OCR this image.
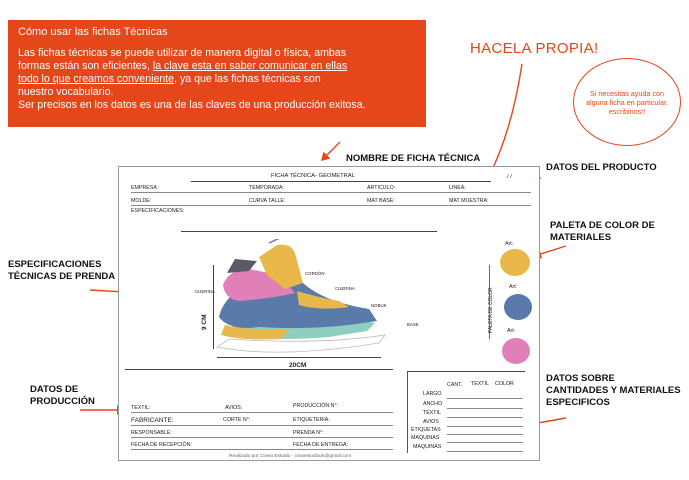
Cómo usar las fichas Técnicas

Las fichas técnicas se puede utilizar de manera digital o física, ambas

formas están son eficientes, la clave esta en saber comunicar en ellas

todo lo que creamos conveniente, ya que las fichas técnicas son

nuestro vocabulario.

Ser precisos en los datos es una de las claves de una producción exitosa.

HACELA PROPIA!
Si necesitas ayuda con alguna ficha en particular, escribinos!!
NOMBRE DE FICHA TÉCNICA
DATOS DEL PRODUCTO
PALETA DE COLOR DE
MATERIALES
ESPECIFICACIONES
TÉCNICAS DE PRENDA
DATOS DE
PRODUCCIÓN
DATOS SOBRE
CANTIDADES Y MATERIALES
ESPECIFICOS
FICHA TÉCNICA- GEOMETRAL	/ /
EMPRESA :	TEMPORADA:	ARTICULO:	LINEA:
MOLDE:	CURVA TALLE:	MAT BASE:	MAT MUESTRA:
ESPECIFICACIONES:
CORDÓN
CUERINA
CUERINA
NOBUK
BASE
9 CM
20CM
PALETA DE COLOR
Art:
Art:
Art:
TEXTIL:	AVIOS:	PRODUCCIÓN N°:
FABRICANTE:	CORTE N°:	ETIQUETERIA:
RESPONSABLE:	PRENDA N°:
FECHA DE RECEPCIÓN:	FECHA DE ENTREGA:
CANT. TEXTIL COLOR
LARGO
ANCHO
TEXTIL
AVIOS
ETIQUETAS
MAQUINAS
MAQUINAS
Realizado por Creea Estudio - creaestudiook@gmail.com
